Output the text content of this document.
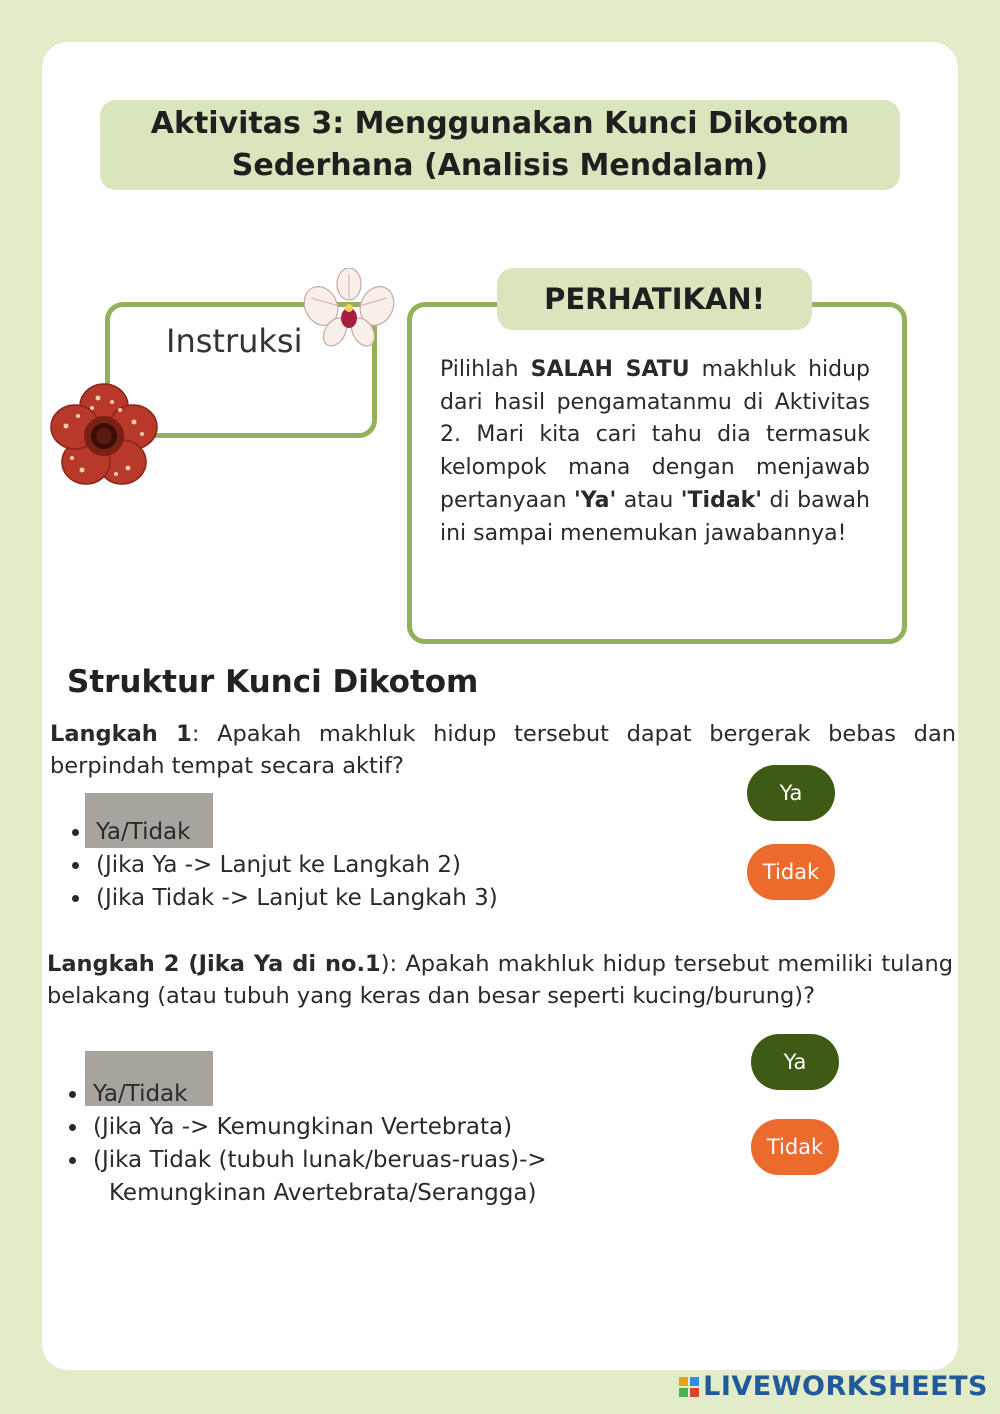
Aktivitas 3: Menggunakan Kunci Dikotom
Sederhana (Analisis Mendalam)
Instruksi
PERHATIKAN!
Pilihlah SALAH SATU makhluk hidup dari hasil pengamatanmu di Aktivitas 2. Mari kita cari tahu dia termasuk kelompok mana dengan menjawab pertanyaan 'Ya' atau 'Tidak' di bawah ini sampai menemukan jawabannya!
Struktur Kunci Dikotom
Langkah 1: Apakah makhluk hidup tersebut dapat bergerak bebas dan berpindah tempat secara aktif?
• Ya/Tidak
• (Jika Ya -> Lanjut ke Langkah 2)
• (Jika Tidak -> Lanjut ke Langkah 3)
Ya
Tidak
Langkah 2 (Jika Ya di no.1): Apakah makhluk hidup tersebut memiliki tulang belakang (atau tubuh yang keras dan besar seperti kucing/burung)?
• Ya/Tidak
• (Jika Ya -> Kemungkinan Vertebrata)
• (Jika Tidak (tubuh lunak/beruas-ruas)->
Kemungkinan Avertebrata/Serangga)
Ya
Tidak
LIVEWORKSHEETS
